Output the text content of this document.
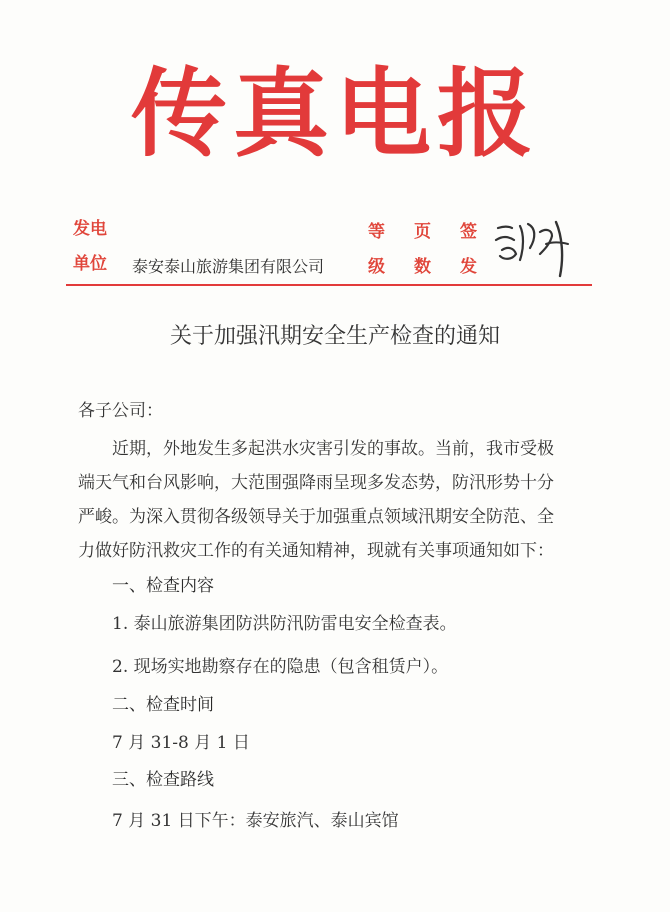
传真电报
发电
单位 泰安泰山旅游集团有限公司
等
级
页
数
签
发
关于加强汛期安全生产检查的通知
各子公司：
近期，外地发生多起洪水灾害引发的事故。当前，我市受极
端天气和台风影响，大范围强降雨呈现多发态势，防汛形势十分
严峻。为深入贯彻各级领导关于加强重点领域汛期安全防范、全
力做好防汛救灾工作的有关通知精神，现就有关事项通知如下：
一、检查内容
1. 泰山旅游集团防洪防汛防雷电安全检查表。
2. 现场实地勘察存在的隐患（包含租赁户）。
二、检查时间
7 月 31-8 月 1 日
三、检查路线
7 月 31 日下午：泰安旅汽、泰山宾馆
